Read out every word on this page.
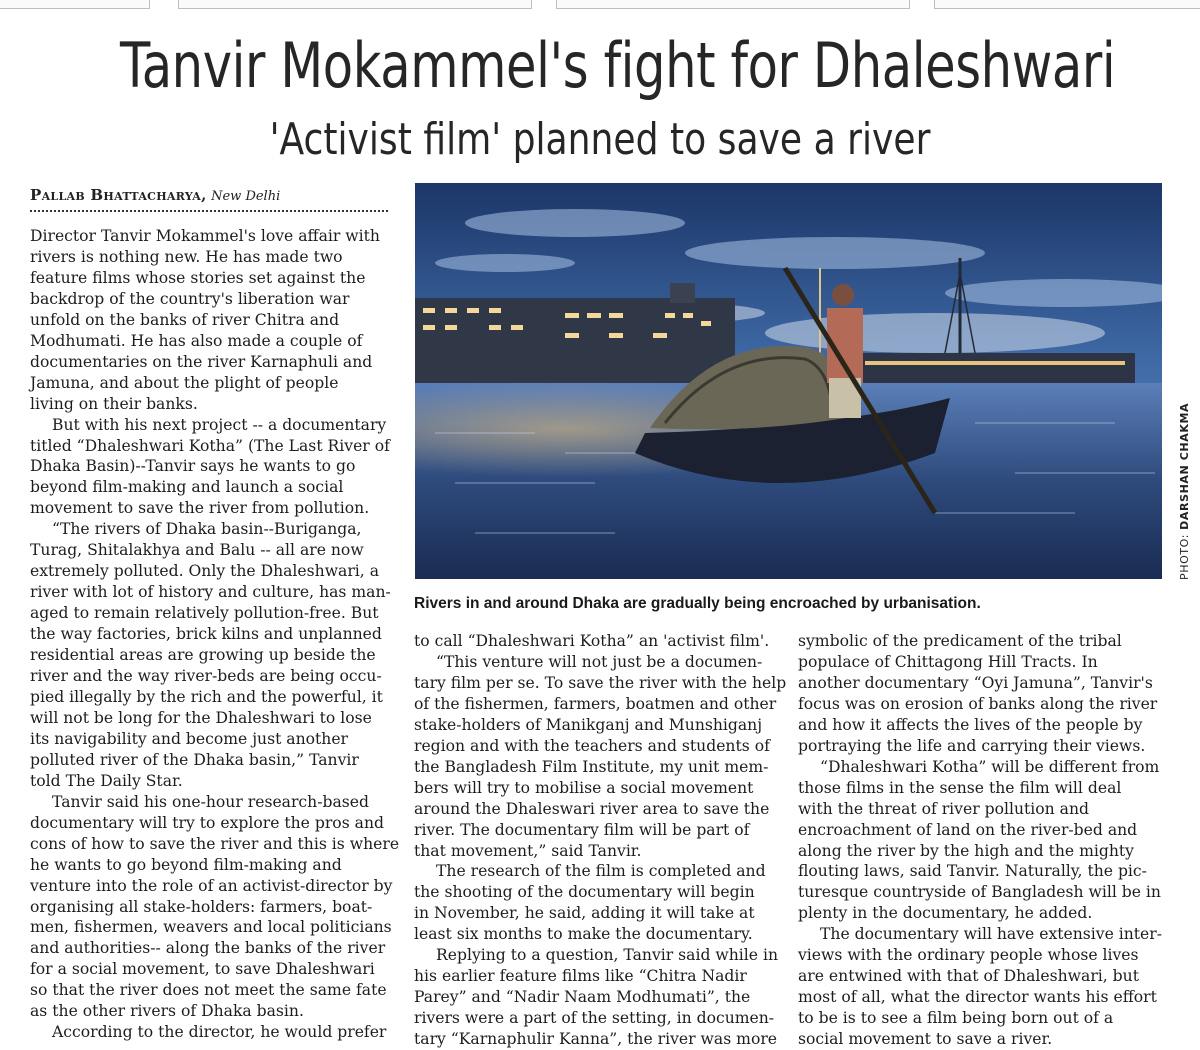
Tanvir Mokammel's fight for Dhaleshwari
'Activist film' planned to save a river
Pallab Bhattacharya, New Delhi

Director Tanvir Mokammel's love affair with
rivers is nothing new. He has made two
feature films whose stories set against the
backdrop of the country's liberation war
unfold on the banks of river Chitra and
Modhumati. He has also made a couple of
documentaries on the river Karnaphuli and
Jamuna, and about the plight of people
living on their banks.

But with his next project -- a documentary
titled “Dhaleshwari Kotha” (The Last River of
Dhaka Basin)--Tanvir says he wants to go
beyond film-making and launch a social
movement to save the river from pollution.

“The rivers of Dhaka basin--Buriganga,
Turag, Shitalakhya and Balu -- all are now
extremely polluted. Only the Dhaleshwari, a
river with lot of history and culture, has man-
aged to remain relatively pollution-free. But
the way factories, brick kilns and unplanned
residential areas are growing up beside the
river and the way river-beds are being occu-
pied illegally by the rich and the powerful, it
will not be long for the Dhaleshwari to lose
its navigability and become just another
polluted river of the Dhaka basin,” Tanvir
told The Daily Star.

Tanvir said his one-hour research-based
documentary will try to explore the pros and
cons of how to save the river and this is where
he wants to go beyond film-making and
venture into the role of an activist-director by
organising all stake-holders: farmers, boat-
men, fishermen, weavers and local politicians
and authorities-- along the banks of the river
for a social movement, to save Dhaleshwari
so that the river does not meet the same fate
as the other rivers of Dhaka basin.

According to the director, he would prefer

PHOTO: DARSHAN CHAKMA
Rivers in and around Dhaka are gradually being encroached by urbanisation.

to call “Dhaleshwari Kotha” an 'activist film'.

“This venture will not just be a documen-
tary film per se. To save the river with the help
of the fishermen, farmers, boatmen and other
stake-holders of Manikganj and Munshiganj
region and with the teachers and students of
the Bangladesh Film Institute, my unit mem-
bers will try to mobilise a social movement
around the Dhaleswari river area to save the
river. The documentary film will be part of
that movement,” said Tanvir.

The research of the film is completed and
the shooting of the documentary will begin
in November, he said, adding it will take at
least six months to make the documentary.

Replying to a question, Tanvir said while in
his earlier feature films like “Chitra Nadir
Parey” and “Nadir Naam Modhumati”, the
rivers were a part of the setting, in documen-
tary “Karnaphulir Kanna”, the river was more

symbolic of the predicament of the tribal
populace of Chittagong Hill Tracts. In
another documentary “Oyi Jamuna”, Tanvir's
focus was on erosion of banks along the river
and how it affects the lives of the people by
portraying the life and carrying their views.

“Dhaleshwari Kotha” will be different from
those films in the sense the film will deal
with the threat of river pollution and
encroachment of land on the river-bed and
along the river by the high and the mighty
flouting laws, said Tanvir. Naturally, the pic-
turesque countryside of Bangladesh will be in
plenty in the documentary, he added.

The documentary will have extensive inter-
views with the ordinary people whose lives
are entwined with that of Dhaleshwari, but
most of all, what the director wants his effort
to be is to see a film being born out of a
social movement to save a river.
